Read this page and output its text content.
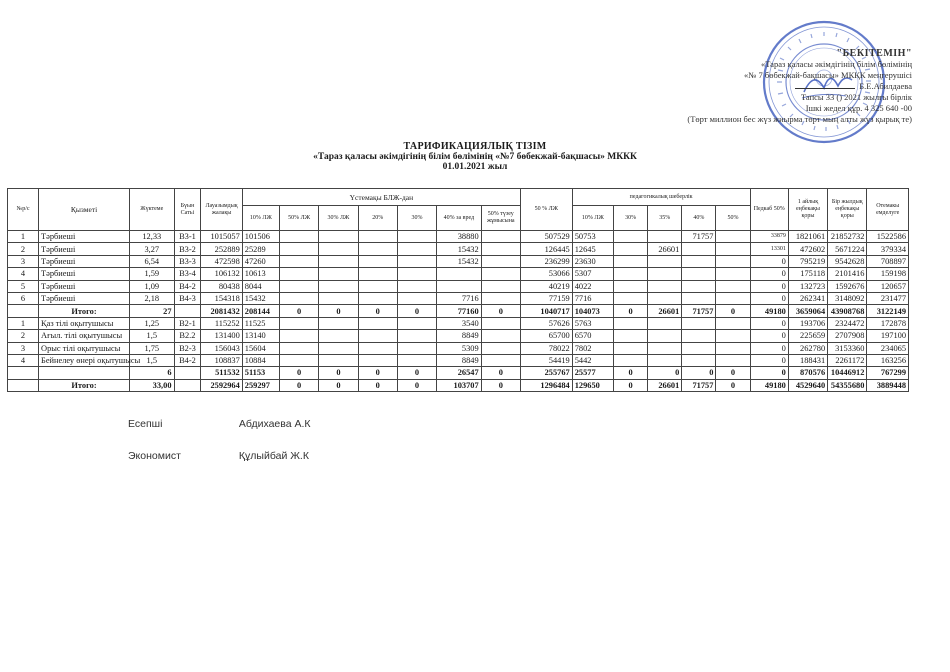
"БЕКІТЕМІН"
«Тараз қаласы әкімдігінің білім бөлімінің
«№ 7 бөбекжай-бақшасы» МКҚК меңгерушісі
Б.Е.Абилдаева
Тапсы 33 () 2021 жылғы бірлік
Ішкі жедел құр. 4 325 640 -00
(Төрт миллион бес жүз жиырма төрт мың алты жүз қырық те)
ТАРИФИКАЦИЯЛЫҚ ТІЗІМ
«Тараз қаласы әкімдігінің білім бөлімінің «№7 бөбекжай-бақшасы» МККК
01.01.2021 жыл
№р/с	Қызметі	Жүктеме	Бүын Сатьі	Лауазымдық жалақы	Үстемақы БЛЖ-дан							50 % ЛЖ	педагогикалық шеберлік					Педкаб 50%	1 айлық еңбекақы қоры	Бір жылдық еңбекақы қоры	Отемакы емделуге
					10% ЛЖ	50% ЛЖ	30% ЛЖ	20%	30%	40% за вред	50% түзеу жұмысына		10% ЛЖ	30%	35%	40%	50%				
1	Тәрбиеші	12,33	В3-1	1015057	101506					38880		507529	50753			71757		33879	1821061	21852732	1522586
2	Тәрбиеші	3,27	В3-2	252889	25289					15432		126445	12645		26601			13301	472602	5671224	379334
3	Тәрбиеші	6,54	В3-3	472598	47260					15432		236299	23630					0	795219	9542628	708897
4	Тәрбиеші	1,59	В3-4	106132	10613							53066	5307					0	175118	2101416	159198
5	Тәрбиеші	1,09	В4-2	80438	8044							40219	4022					0	132723	1592676	120657
6	Тәрбиеші	2,18	В4-3	154318	15432					7716		77159	7716					0	262341	3148092	231477
	Итого:	27		2081432	208144	0	0	0	0	77160	0	1040717	104073	0	26601	71757	0	49180	3659064	43908768	3122149
1	Қаз тілі оқытушысы	1,25	В2-1	115252	11525					3540		57626	5763					0	193706	2324472	172878
2	Ағыл. тілі оқытушысы	1,5	В2.2	131400	13140					8849		65700	6570					0	225659	2707908	197100
3	Орыс тілі оқытушысы	1,75	В2-3	156043	15604					5309		78022	7802					0	262780	3153360	234065
4	Бейнелеу өнері оқытушысы	1,5	В4-2	108837	10884					8849		54419	5442					0	188431	2261172	163256
		6		511532	51153	0	0	0	0	26547	0	255767	25577	0	0	0	0	0	870576	10446912	767299
	Итого:	33,00		2592964	259297	0	0	0	0	103707	0	1296484	129650	0	26601	71757	0	49180	4529640	54355680	3889448
Есепші	Абдихаева А.К
Экономист	Құлыйбай Ж.К
